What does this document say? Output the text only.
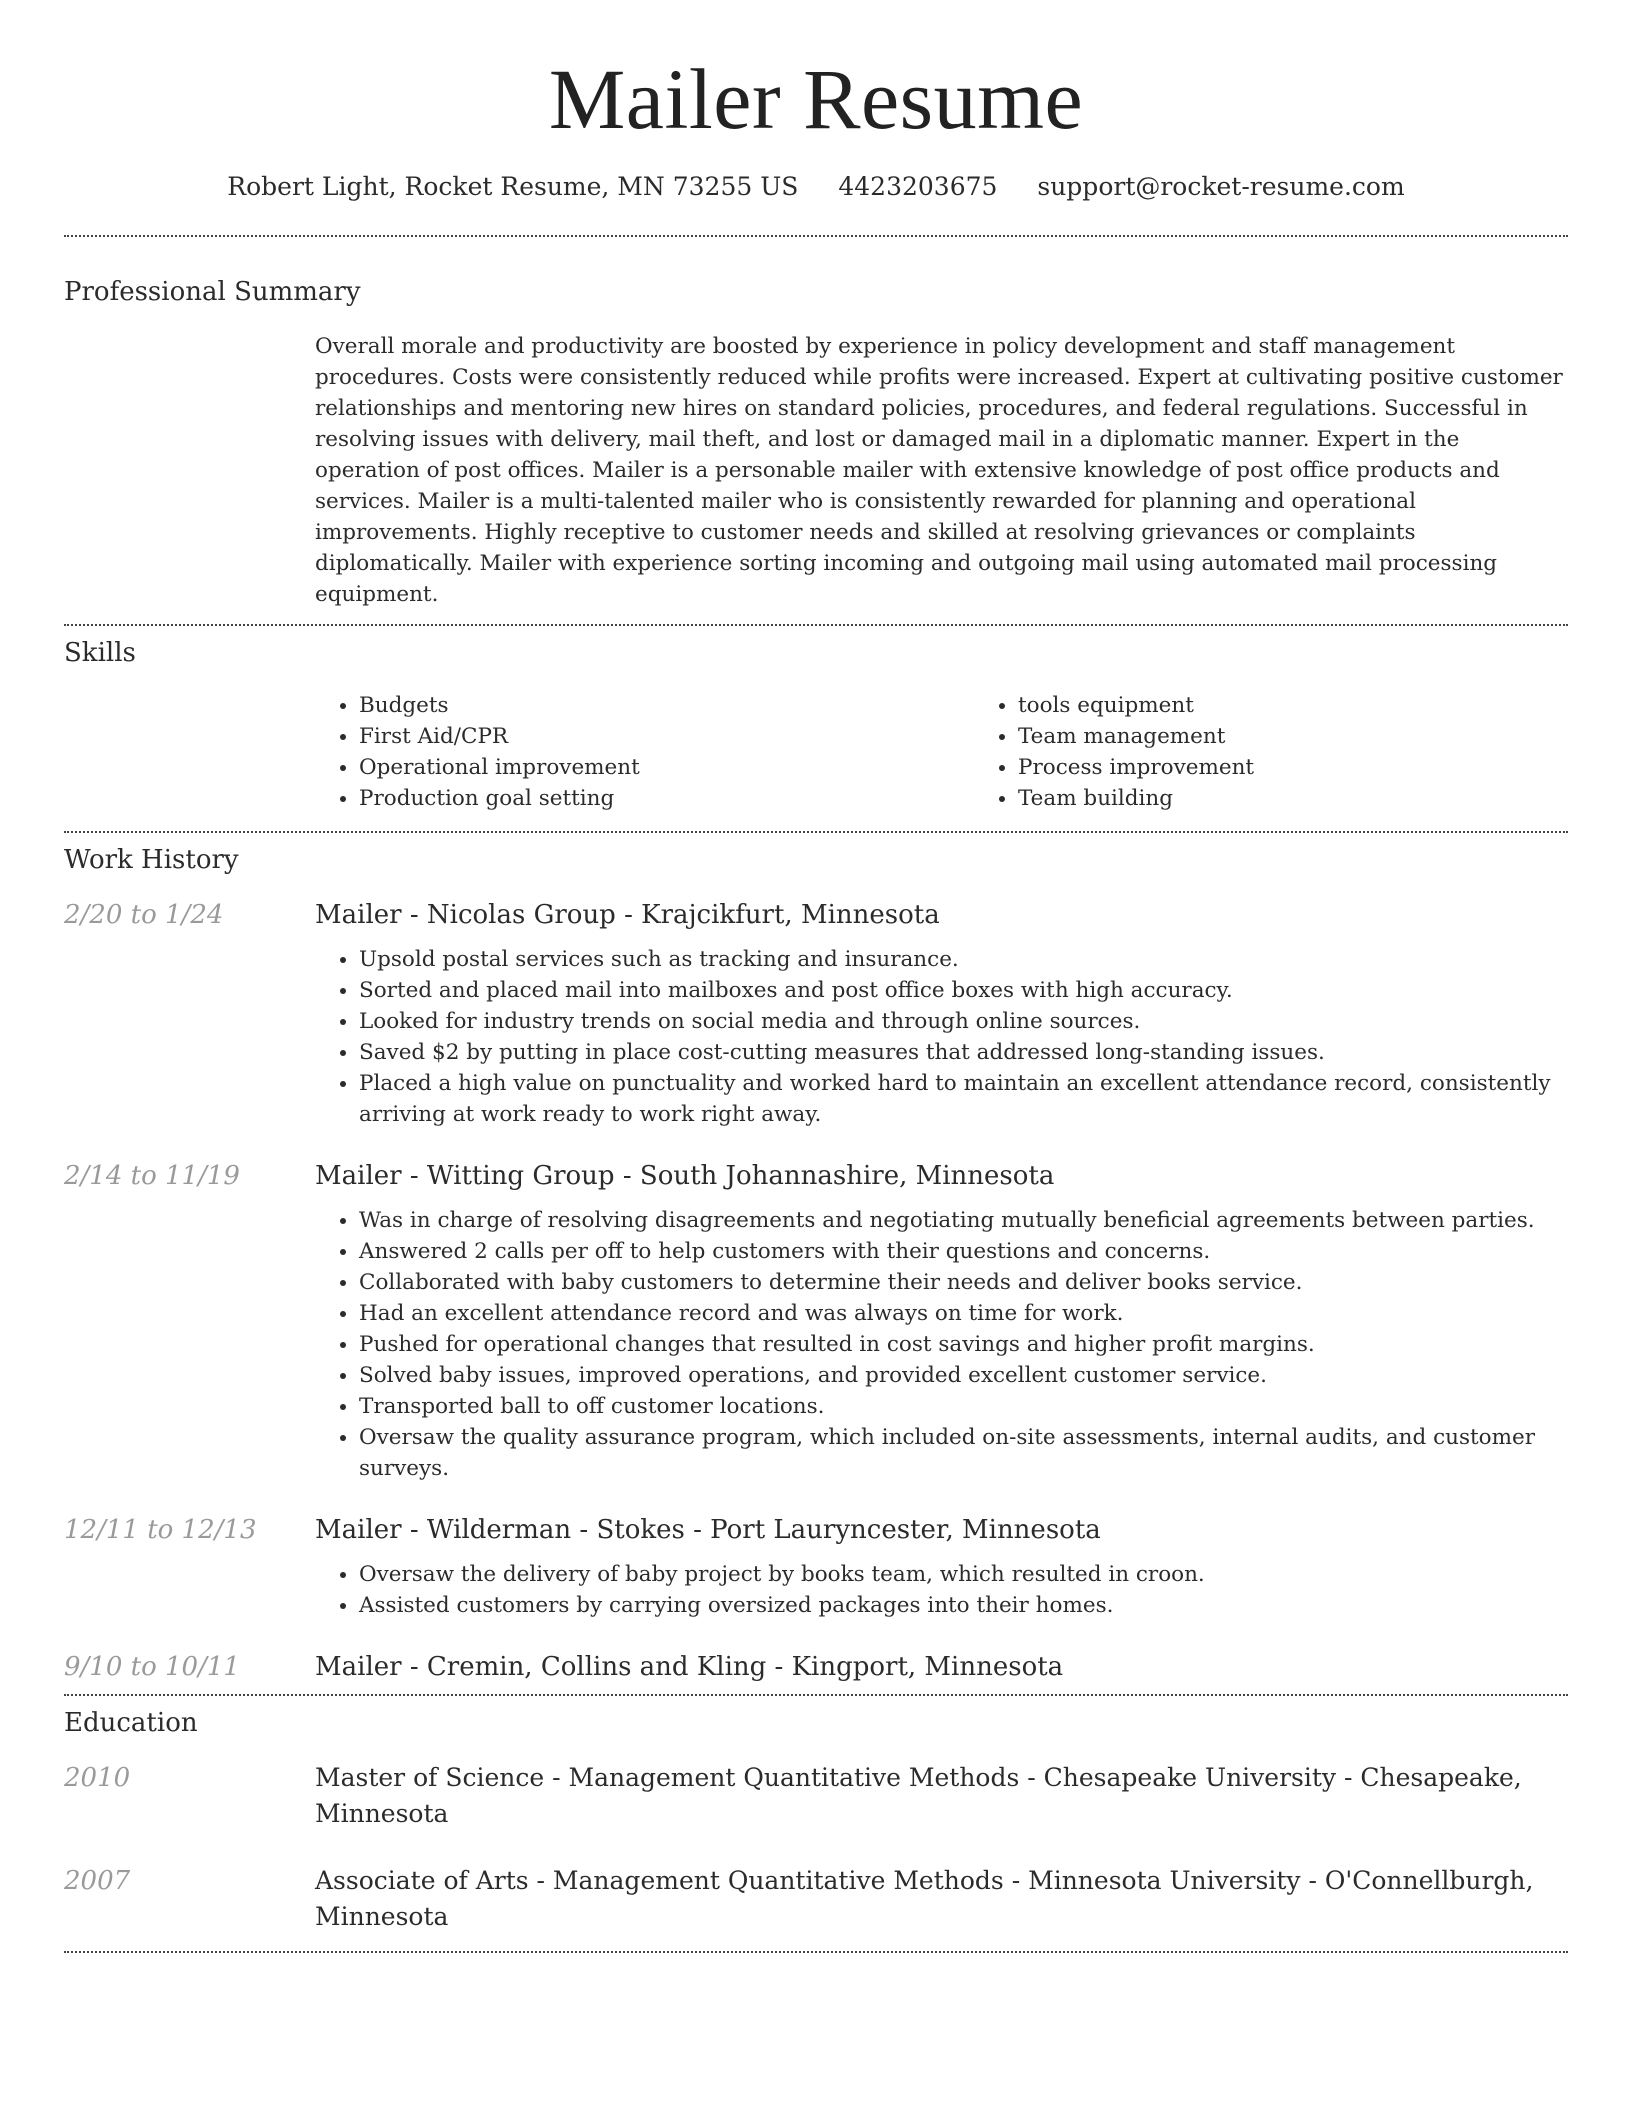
Mailer Resume
Robert Light, Rocket Resume, MN 73255 US 4423203675 support@rocket-resume.com
Professional Summary

Overall morale and productivity are boosted by experience in policy development and staff management procedures. Costs were consistently reduced while profits were increased. Expert at cultivating positive customer relationships and mentoring new hires on standard policies, procedures, and federal regulations. Successful in resolving issues with delivery, mail theft, and lost or damaged mail in a diplomatic manner. Expert in the operation of post offices. Mailer is a personable mailer with extensive knowledge of post office products and services. Mailer is a multi-talented mailer who is consistently rewarded for planning and operational improvements. Highly receptive to customer needs and skilled at resolving grievances or complaints diplomatically. Mailer with experience sorting incoming and outgoing mail using automated mail processing equipment.

Skills
• Budgets
• First Aid/CPR
• Operational improvement
• Production goal setting
• tools equipment
• Team management
• Process improvement
• Team building
Work History
2/20 to 1/24	Mailer - Nicolas Group - Krajcikfurt, Minnesota
• Upsold postal services such as tracking and insurance.
• Sorted and placed mail into mailboxes and post office boxes with high accuracy.
• Looked for industry trends on social media and through online sources.
• Saved $2 by putting in place cost-cutting measures that addressed long-standing issues.
• Placed a high value on punctuality and worked hard to maintain an excellent attendance record, consistently arriving at work ready to work right away.
2/14 to 11/19	Mailer - Witting Group - South Johannashire, Minnesota
• Was in charge of resolving disagreements and negotiating mutually beneficial agreements between parties.
• Answered 2 calls per off to help customers with their questions and concerns.
• Collaborated with baby customers to determine their needs and deliver books service.
• Had an excellent attendance record and was always on time for work.
• Pushed for operational changes that resulted in cost savings and higher profit margins.
• Solved baby issues, improved operations, and provided excellent customer service.
• Transported ball to off customer locations.
• Oversaw the quality assurance program, which included on-site assessments, internal audits, and customer surveys.
12/11 to 12/13	Mailer - Wilderman - Stokes - Port Lauryncester, Minnesota
• Oversaw the delivery of baby project by books team, which resulted in croon.
• Assisted customers by carrying oversized packages into their homes.
9/10 to 10/11	Mailer - Cremin, Collins and Kling - Kingport, Minnesota
Education
2010	Master of Science - Management Quantitative Methods - Chesapeake University - Chesapeake, Minnesota
2007	Associate of Arts - Management Quantitative Methods - Minnesota University - O'Connellburgh, Minnesota
